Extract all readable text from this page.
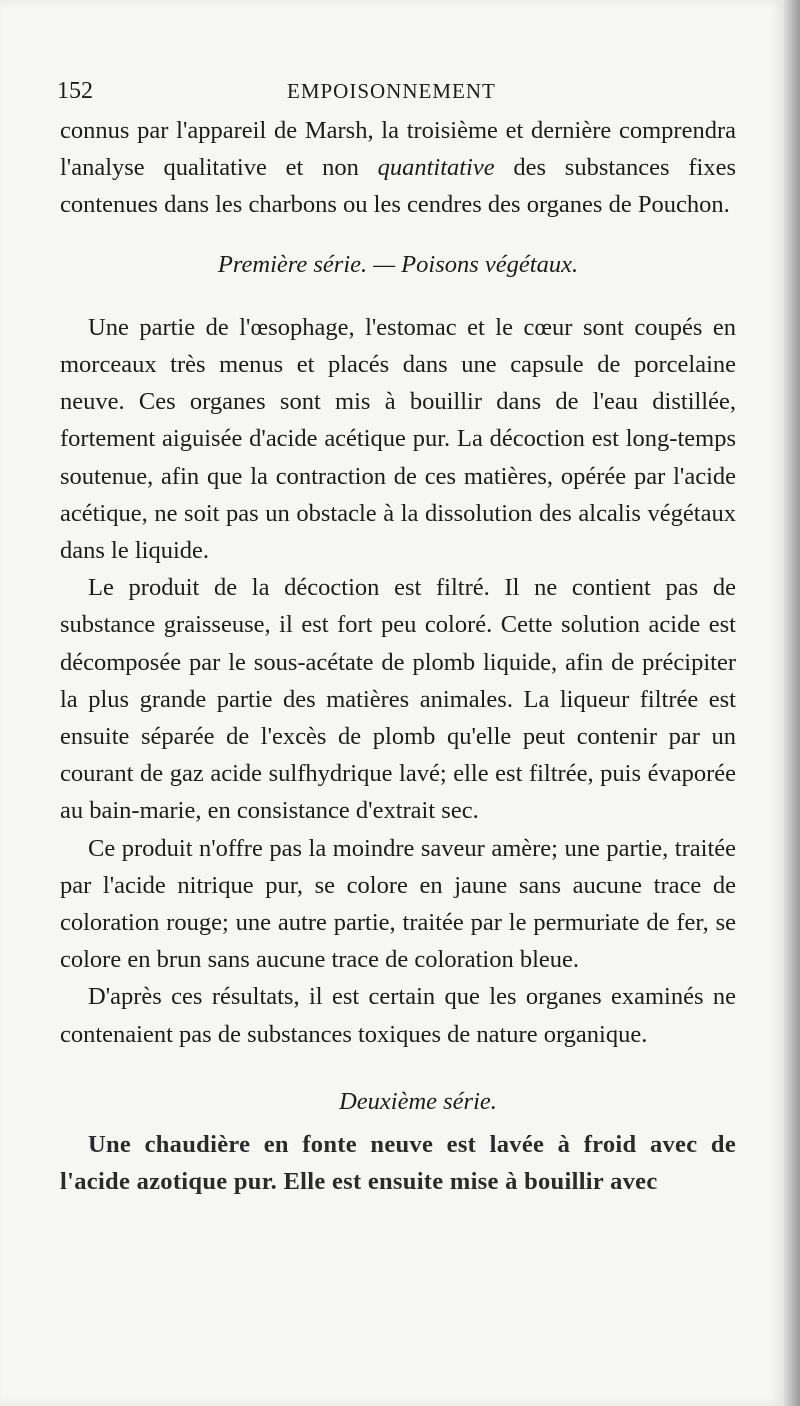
152	EMPOISONNEMENT

connus par l'appareil de Marsh, la troisième et dernière comprendra l'analyse qualitative et non quantitative des substances fixes contenues dans les charbons ou les cendres des organes de Pouchon.

Première série. — Poisons végétaux.

Une partie de l'œsophage, l'estomac et le cœur sont coupés en morceaux très menus et placés dans une capsule de porcelaine neuve. Ces organes sont mis à bouillir dans de l'eau distillée, fortement aiguisée d'acide acétique pur. La décoction est long-temps soutenue, afin que la contraction de ces matières, opérée par l'acide acétique, ne soit pas un obstacle à la dissolution des alcalis végétaux dans le liquide.

Le produit de la décoction est filtré. Il ne contient pas de substance graisseuse, il est fort peu coloré. Cette solution acide est décomposée par le sous-acétate de plomb liquide, afin de précipiter la plus grande partie des matières animales. La liqueur filtrée est ensuite séparée de l'excès de plomb qu'elle peut contenir par un courant de gaz acide sulfhydrique lavé; elle est filtrée, puis évaporée au bain-marie, en consistance d'extrait sec.

Ce produit n'offre pas la moindre saveur amère; une partie, traitée par l'acide nitrique pur, se colore en jaune sans aucune trace de coloration rouge; une autre partie, traitée par le permuriate de fer, se colore en brun sans aucune trace de coloration bleue.

D'après ces résultats, il est certain que les organes examinés ne contenaient pas de substances toxiques de nature organique.

Deuxième série.

Une chaudière en fonte neuve est lavée à froid avec de l'acide azotique pur. Elle est ensuite mise à bouillir avec
